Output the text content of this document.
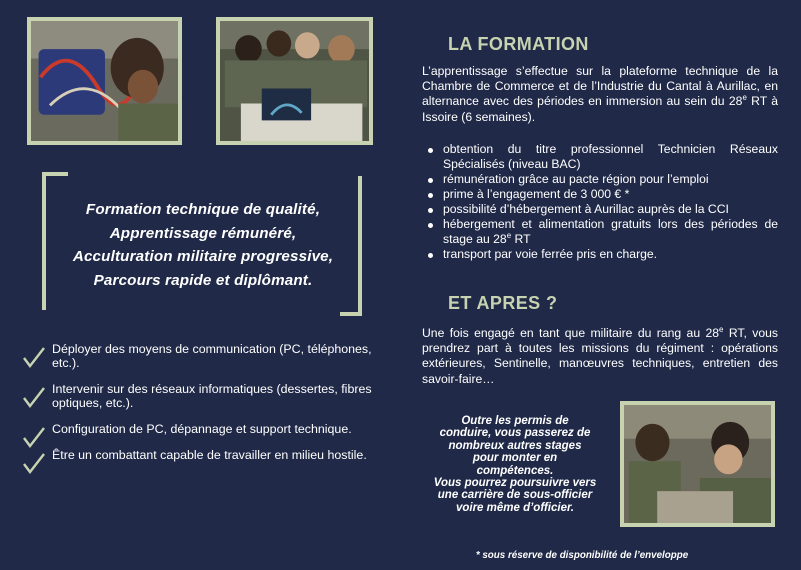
Formation technique de qualité,
Apprentissage rémunéré,
Acculturation militaire progressive,
Parcours rapide et diplômant.
Déployer des moyens de communication (PC, téléphones, etc.).
Intervenir sur des réseaux informatiques (dessertes, fibres optiques, etc.).
Configuration de PC, dépannage et support technique.
Être un combattant capable de travailler en milieu hostile.
LA FORMATION

L’apprentissage s’effectue sur la plateforme technique de la Chambre de Commerce et de l’Industrie du Cantal à Aurillac, en alternance avec des périodes en immersion au sein du 28e RT à Issoire (6 semaines).

obtention du titre professionnel Technicien Réseaux Spécialisés (niveau BAC)
rémunération grâce au pacte région pour l’emploi
prime à l’engagement de 3 000 € *
possibilité d’hébergement à Aurillac auprès de la CCI
hébergement et alimentation gratuits lors des périodes de stage au 28e RT
transport par voie ferrée pris en charge.
ET APRES ?

Une fois engagé en tant que militaire du rang au 28e RT, vous prendrez part à toutes les missions du régiment : opérations extérieures, Sentinelle, manœuvres techniques, entretien des savoir-faire…

Outre les permis de
conduire, vous passerez de
nombreux autres stages
pour monter en
compétences.
Vous pourrez poursuivre vers
une carrière de sous-officier
voire même d’officier.
* sous réserve de disponibilité de l’enveloppe
